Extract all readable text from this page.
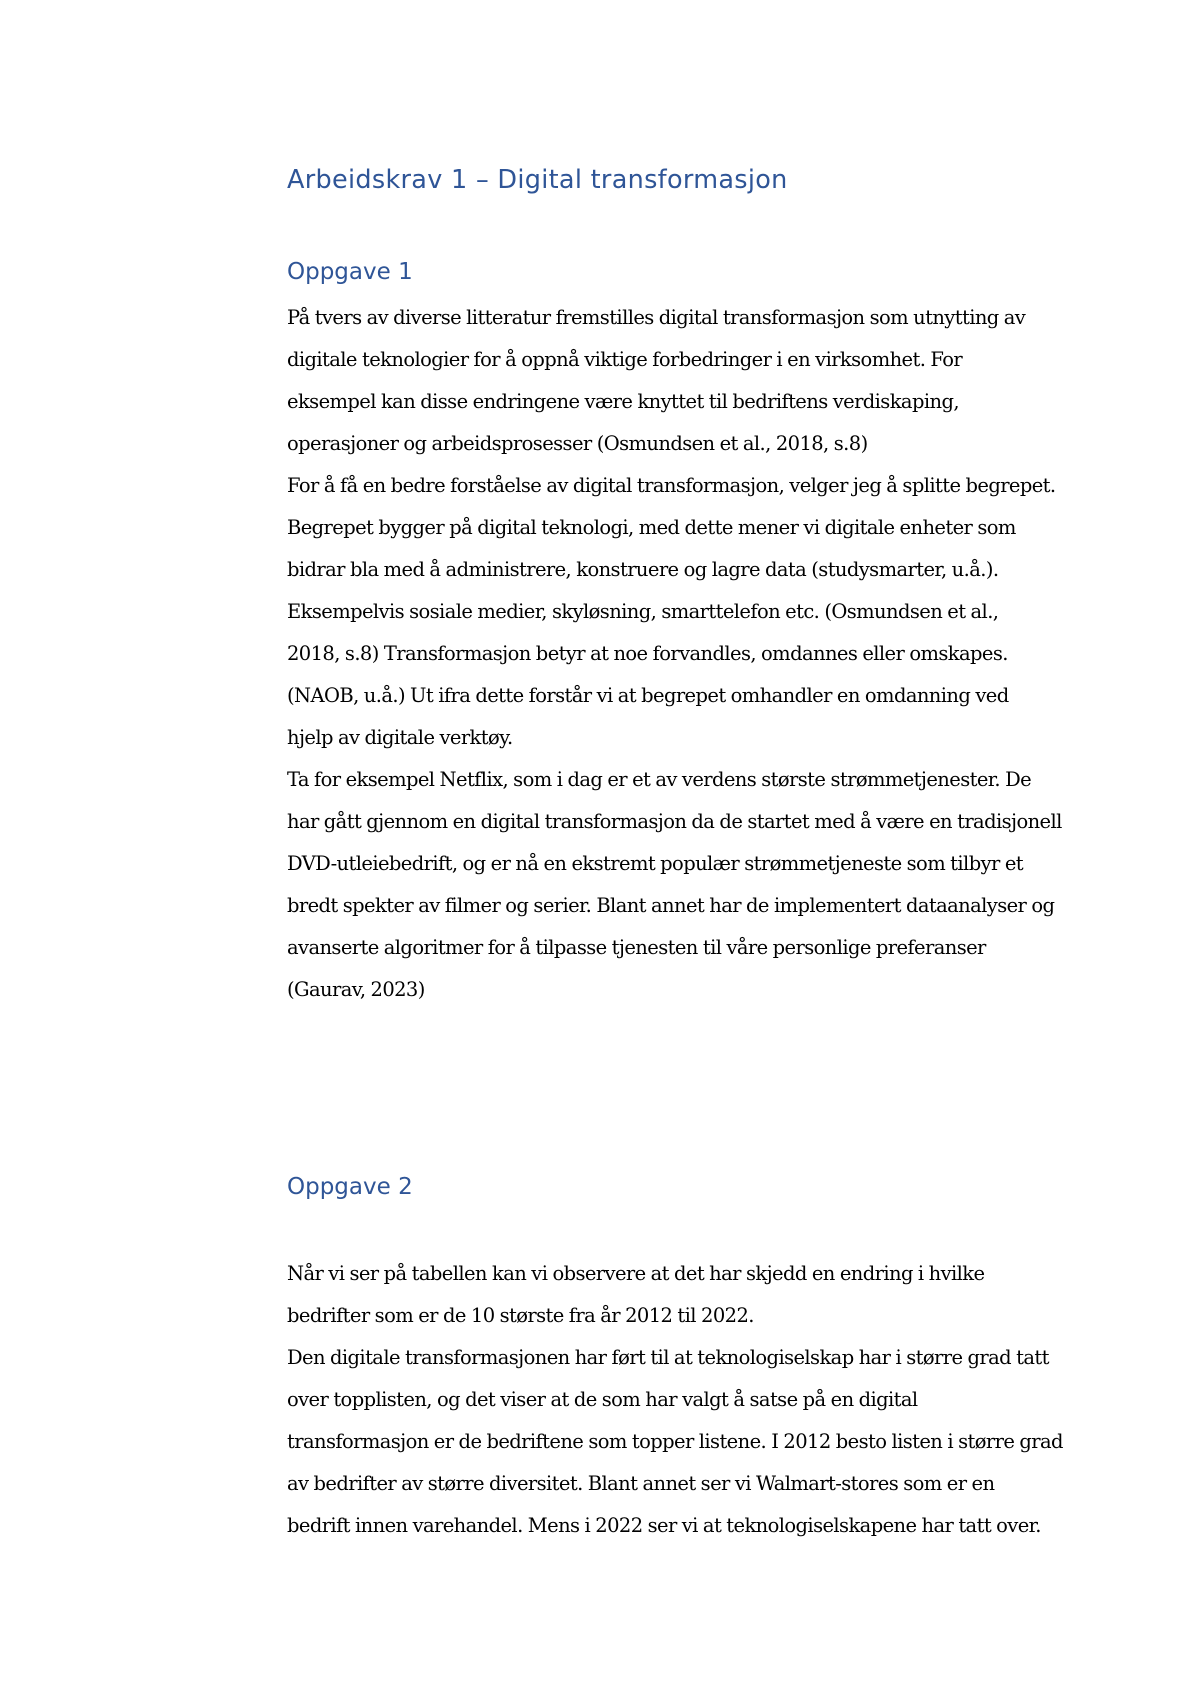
Arbeidskrav 1 – Digital transformasjon
Oppgave 1

På tvers av diverse litteratur fremstilles digital transformasjon som utnytting av
digitale teknologier for å oppnå viktige forbedringer i en virksomhet. For
eksempel kan disse endringene være knyttet til bedriftens verdiskaping,
operasjoner og arbeidsprosesser (Osmundsen et al., 2018, s.8)
For å få en bedre forståelse av digital transformasjon, velger jeg å splitte begrepet.
Begrepet bygger på digital teknologi, med dette mener vi digitale enheter som
bidrar bla med å administrere, konstruere og lagre data (studysmarter, u.å.).
Eksempelvis sosiale medier, skyløsning, smarttelefon etc. (Osmundsen et al.,
2018, s.8) Transformasjon betyr at noe forvandles, omdannes eller omskapes.
(NAOB, u.å.) Ut ifra dette forstår vi at begrepet omhandler en omdanning ved
hjelp av digitale verktøy.
Ta for eksempel Netflix, som i dag er et av verdens største strømmetjenester. De
har gått gjennom en digital transformasjon da de startet med å være en tradisjonell
DVD-utleiebedrift, og er nå en ekstremt populær strømmetjeneste som tilbyr et
bredt spekter av filmer og serier. Blant annet har de implementert dataanalyser og
avanserte algoritmer for å tilpasse tjenesten til våre personlige preferanser
(Gaurav, 2023)

Oppgave 2

Når vi ser på tabellen kan vi observere at det har skjedd en endring i hvilke
bedrifter som er de 10 største fra år 2012 til 2022.
Den digitale transformasjonen har ført til at teknologiselskap har i større grad tatt
over topplisten, og det viser at de som har valgt å satse på en digital
transformasjon er de bedriftene som topper listene. I 2012 besto listen i større grad
av bedrifter av større diversitet. Blant annet ser vi Walmart-stores som er en
bedrift innen varehandel. Mens i 2022 ser vi at teknologiselskapene har tatt over.
